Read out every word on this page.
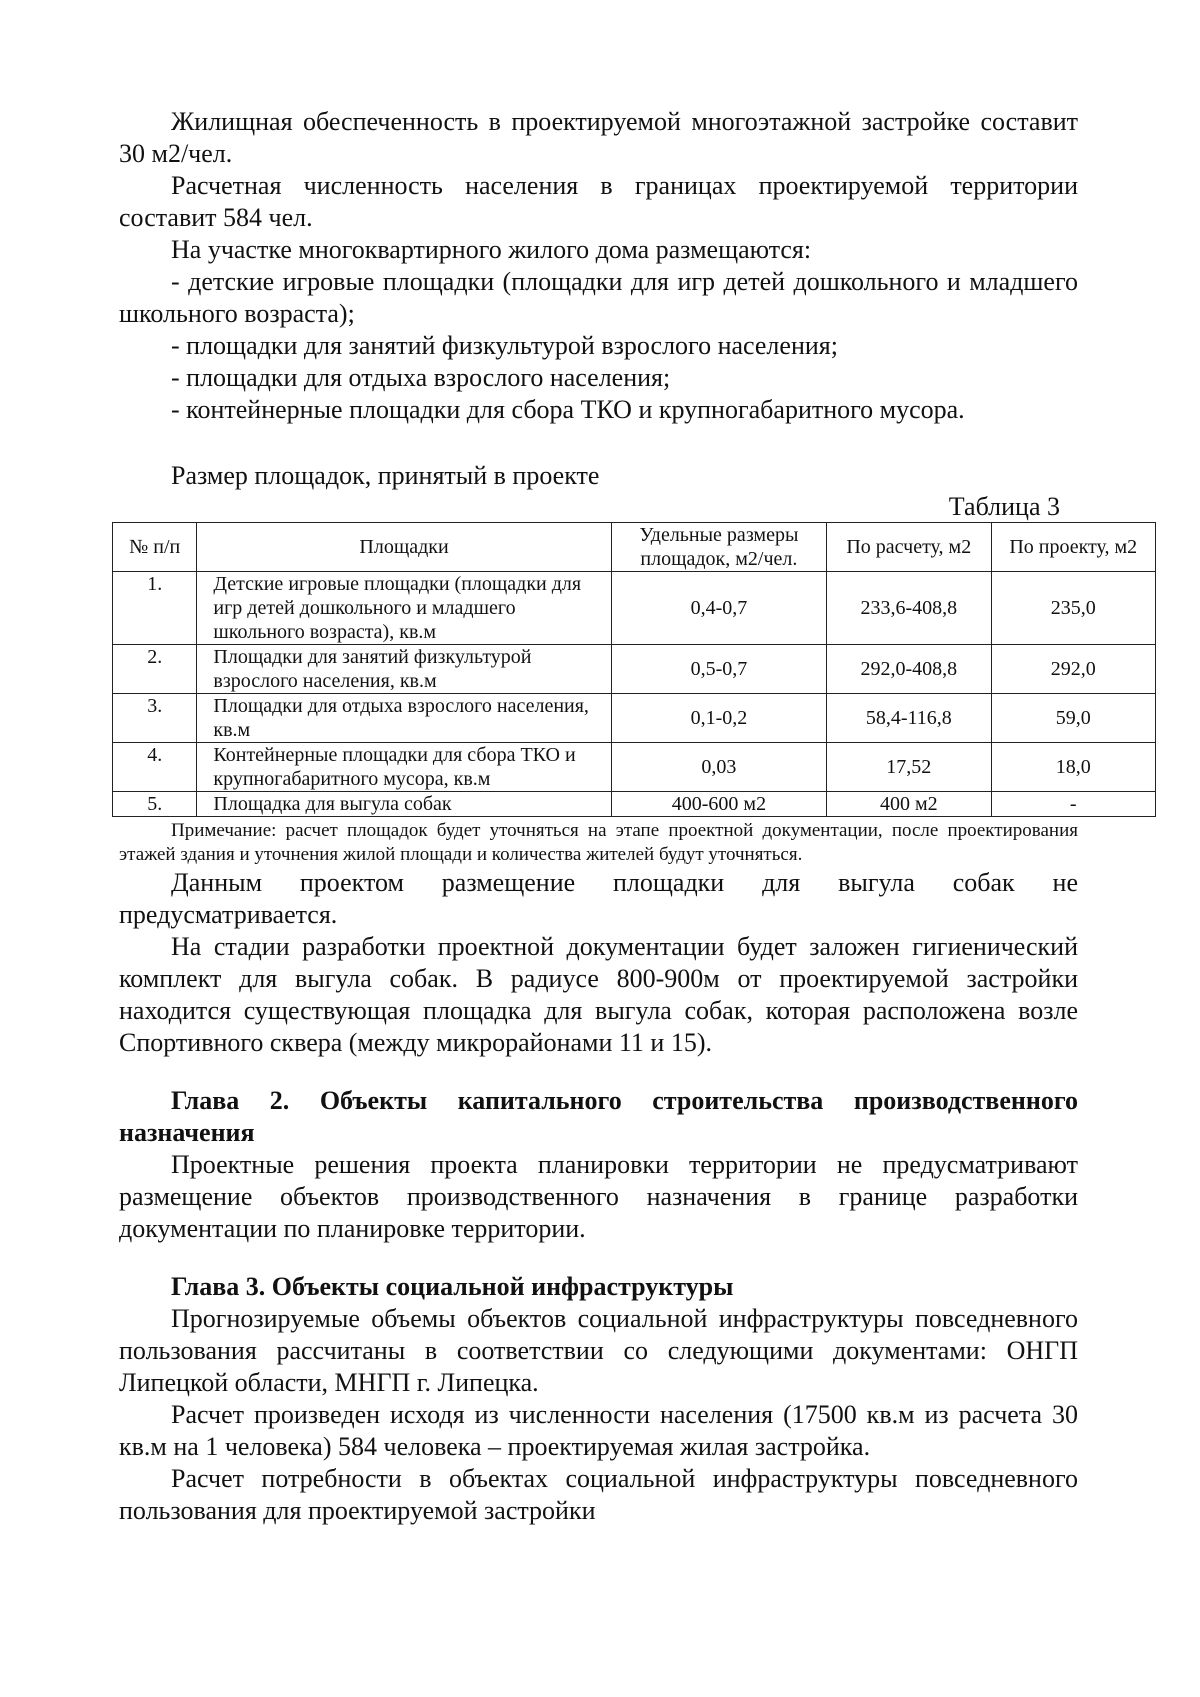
Жилищная обеспеченность в проектируемой многоэтажной застройке составит 30 м2/чел.

Расчетная численность населения в границах проектируемой территории составит 584 чел.

На участке многоквартирного жилого дома размещаются:

- детские игровые площадки (площадки для игр детей дошкольного и младшего школьного возраста);

- площадки для занятий физкультурой взрослого населения;

- площадки для отдыха взрослого населения;

- контейнерные площадки для сбора ТКО и крупногабаритного мусора.

Размер площадок, принятый в проекте

Таблица 3
№ п/п	Площадки	Удельные размеры площадок, м2/чел.	По расчету, м2	По проекту, м2
1.	Детские игровые площадки (площадки для игр детей дошкольного и младшего школьного возраста), кв.м	0,4-0,7	233,6-408,8	235,0
2.	Площадки для занятий физкультурой взрослого населения, кв.м	0,5-0,7	292,0-408,8	292,0
3.	Площадки для отдыха взрослого населения, кв.м	0,1-0,2	58,4-116,8	59,0
4.	Контейнерные площадки для сбора ТКО и крупногабаритного мусора, кв.м	0,03	17,52	18,0
5.	Площадка для выгула собак	400-600 м2	400 м2	-

Примечание: расчет площадок будет уточняться на этапе проектной документации, после проектирования этажей здания и уточнения жилой площади и количества жителей будут уточняться.

Данным проектом размещение площадки для выгула собак не предусматривается.

На стадии разработки проектной документации будет заложен гигиенический комплект для выгула собак. В радиусе 800-900м от проектируемой застройки находится существующая площадка для выгула собак, которая расположена возле Спортивного сквера (между микрорайонами 11 и 15).

Глава 2. Объекты капитального строительства производственного назначения

Проектные решения проекта планировки территории не предусматривают размещение объектов производственного назначения в границе разработки документации по планировке территории.

Глава 3. Объекты социальной инфраструктуры

Прогнозируемые объемы объектов социальной инфраструктуры повседневного пользования рассчитаны в соответствии со следующими документами: ОНГП Липецкой области, МНГП г. Липецка.

Расчет произведен исходя из численности населения (17500 кв.м из расчета 30 кв.м на 1 человека) 584 человека – проектируемая жилая застройка.

Расчет потребности в объектах социальной инфраструктуры повседневного пользования для проектируемой застройки
